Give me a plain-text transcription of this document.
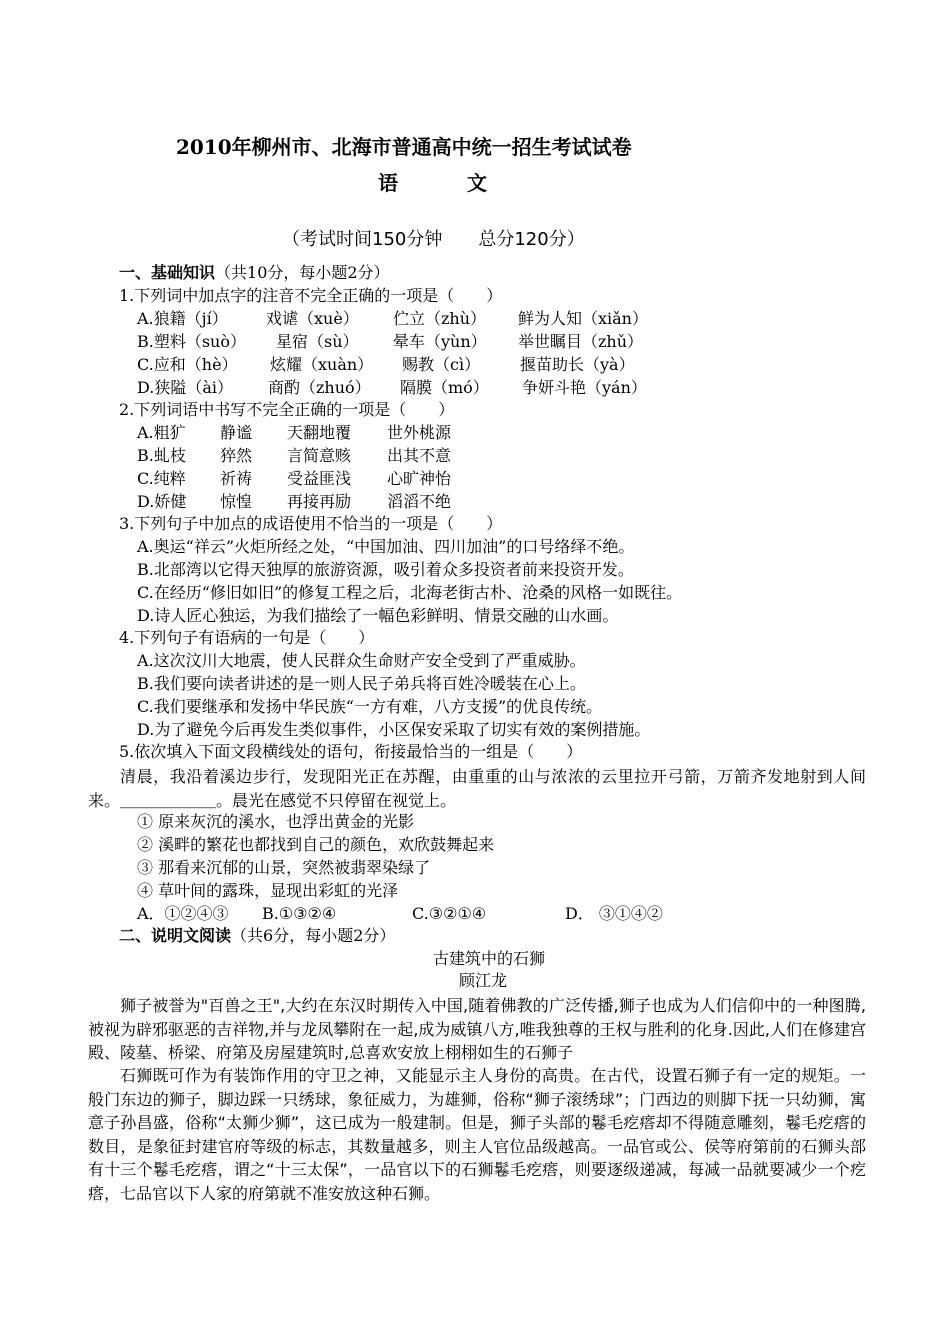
2010年柳州市、北海市普通高中统一招生考试试卷
语	文
（考试时间150分钟　　总分120分）
一、基础知识（共10分，每小题2分）
1.下列词中加点字的注音不完全正确的一项是（　　）
A.狼籍（jí） 戏谑（xuè） 伫立（zhù） 鲜为人知（xiǎn）
B.塑料（suò） 星宿（sù） 晕车（yùn） 举世瞩目（zhǔ）
C.应和（hè） 炫耀（xuàn） 赐教（cì） 揠苗助长（yà）
D.狭隘（ài） 商酌（zhuó） 隔膜（mó） 争妍斗艳（yán）
2.下列词语中书写不完全正确的一项是（　　）
A.粗犷 静谧 天翻地覆 世外桃源
B.虬枝 猝然 言简意赅 出其不意
C.纯粹 祈祷 受益匪浅 心旷神怡
D.娇健 惊惶 再接再励 滔滔不绝
3.下列句子中加点的成语使用不恰当的一项是（　　）
A.奥运“祥云”火炬所经之处，“中国加油、四川加油”的口号络绎不绝。
B.北部湾以它得天独厚的旅游资源，吸引着众多投资者前来投资开发。
C.在经历“修旧如旧”的修复工程之后，北海老街古朴、沧桑的风格一如既往。
D.诗人匠心独运，为我们描绘了一幅色彩鲜明、情景交融的山水画。
4.下列句子有语病的一句是（　　）
A.这次汶川大地震，使人民群众生命财产安全受到了严重威胁。
B.我们要向读者讲述的是一则人民子弟兵将百姓冷暖装在心上。
C.我们要继承和发扬中华民族“一方有难，八方支援”的优良传统。
D.为了避免今后再发生类似事件，小区保安采取了切实有效的案例措施。
5.依次填入下面文段横线处的语句，衔接最恰当的一组是（　　）
清晨，我沿着溪边步行，发现阳光正在苏醒，由重重的山与浓浓的云里拉开弓箭，万箭齐发地射到人间来。＿＿＿＿＿＿。晨光在感觉不只停留在视觉上。
① 原来灰沉的溪水，也浮出黄金的光影
② 溪畔的繁花也都找到自己的颜色，欢欣鼓舞起来
③ 那看来沉郁的山景，突然被翡翠染绿了
④ 草叶间的露珠，显现出彩虹的光泽
A．①②④③ B.①③②④	C.③②①④	D． ③①④②
二、说明文阅读（共6分，每小题2分）
古建筑中的石狮
顾江龙
狮子被誉为"百兽之王",大约在东汉时期传入中国,随着佛教的广泛传播,狮子也成为人们信仰中的一种图腾,被视为辟邪驱恶的吉祥物,并与龙凤攀附在一起,成为威镇八方,唯我独尊的王权与胜利的化身.因此,人们在修建宫殿、陵墓、桥梁、府第及房屋建筑时,总喜欢安放上栩栩如生的石狮子
石狮既可作为有装饰作用的守卫之神，又能显示主人身份的高贵。在古代，设置石狮子有一定的规矩。一般门东边的狮子，脚边踩一只绣球，象征威力，为雄狮，俗称“狮子滚绣球”；门西边的则脚下抚一只幼狮，寓意子孙昌盛，俗称“太狮少狮”，这已成为一般建制。但是，狮子头部的鬈毛疙瘩却不得随意雕刻，鬈毛疙瘩的数目，是象征封建官府等级的标志，其数量越多，则主人官位品级越高。一品官或公、侯等府第前的石狮头部有十三个鬈毛疙瘩，谓之“十三太保”，一品官以下的石狮鬈毛疙瘩，则要逐级递减，每减一品就要减少一个疙瘩，七品官以下人家的府第就不准安放这种石狮。
